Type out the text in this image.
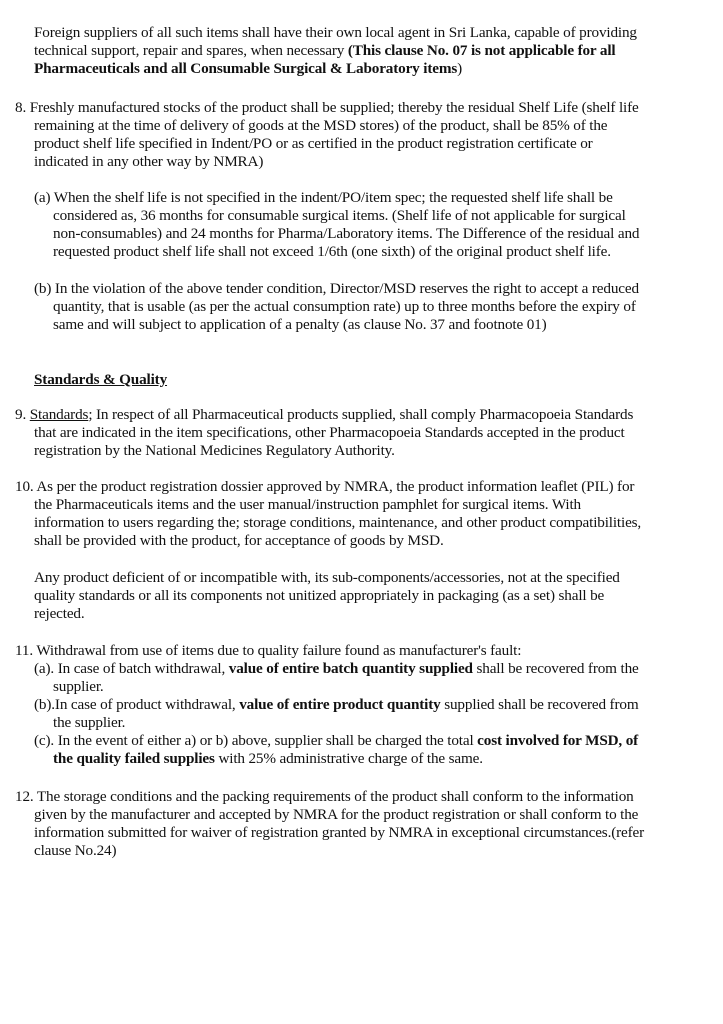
Foreign suppliers of all such items shall have their own local agent in Sri Lanka, capable of providing
technical support, repair and spares, when necessary (This clause No. 07 is not applicable for all
Pharmaceuticals and all Consumable Surgical & Laboratory items)
8. Freshly manufactured stocks of the product shall be supplied; thereby the residual Shelf Life (shelf life
remaining at the time of delivery of goods at the MSD stores) of the product, shall be 85% of the
product shelf life specified in Indent/PO or as certified in the product registration certificate or
indicated in any other way by NMRA)
(a) When the shelf life is not specified in the indent/PO/item spec; the requested shelf life shall be
considered as, 36 months for consumable surgical items. (Shelf life of not applicable for surgical
non-consumables) and 24 months for Pharma/Laboratory items. The Difference of the residual and
requested product shelf life shall not exceed 1/6th (one sixth) of the original product shelf life.
(b) In the violation of the above tender condition, Director/MSD reserves the right to accept a reduced
quantity, that is usable (as per the actual consumption rate) up to three months before the expiry of
same and will subject to application of a penalty (as clause No. 37 and footnote 01)
Standards & Quality
9. Standards; In respect of all Pharmaceutical products supplied, shall comply Pharmacopoeia Standards
that are indicated in the item specifications, other Pharmacopoeia Standards accepted in the product
registration by the National Medicines Regulatory Authority.
10. As per the product registration dossier approved by NMRA, the product information leaflet (PIL) for
the Pharmaceuticals items and the user manual/instruction pamphlet for surgical items. With
information to users regarding the; storage conditions, maintenance, and other product compatibilities,
shall be provided with the product, for acceptance of goods by MSD.
Any product deficient of or incompatible with, its sub-components/accessories, not at the specified
quality standards or all its components not unitized appropriately in packaging (as a set) shall be
rejected.
11. Withdrawal from use of items due to quality failure found as manufacturer's fault:
(a). In case of batch withdrawal, value of entire batch quantity supplied shall be recovered from the
supplier.
(b).In case of product withdrawal, value of entire product quantity supplied shall be recovered from
the supplier.
(c). In the event of either a) or b) above, supplier shall be charged the total cost involved for MSD, of
the quality failed supplies with 25% administrative charge of the same.
12. The storage conditions and the packing requirements of the product shall conform to the information
given by the manufacturer and accepted by NMRA for the product registration or shall conform to the
information submitted for waiver of registration granted by NMRA in exceptional circumstances.(refer
clause No.24)
